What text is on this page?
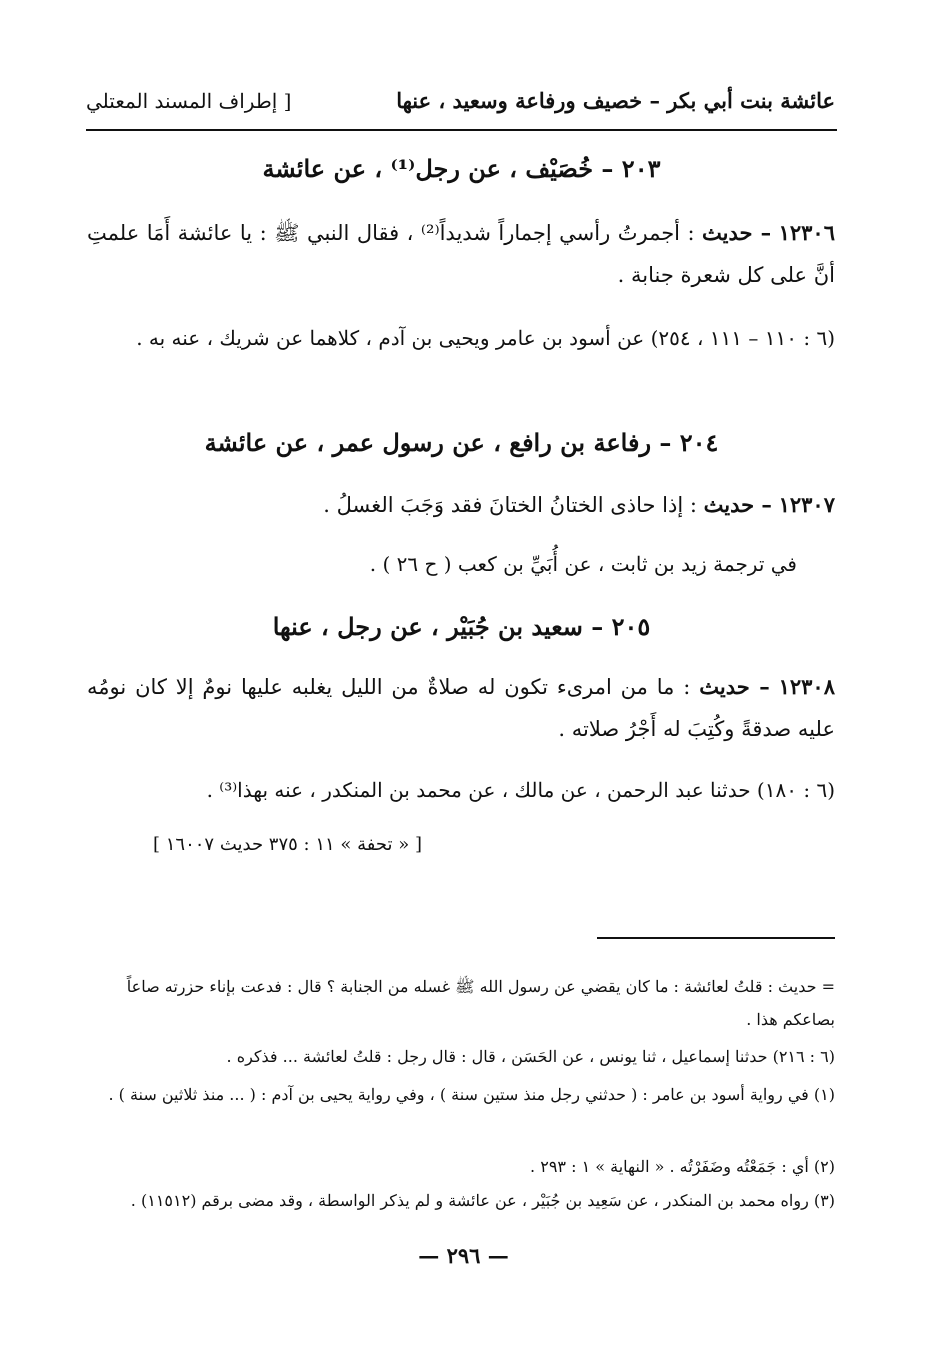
عائشة بنت أبي بكر – خصيف ورفاعة وسعيد ، عنها
[ إطراف المسند المعتلي
٢٠٣ – خُصَيْف ، عن رجل⁽¹⁾ ، عن عائشة
١٢٣٠٦ – حديث : أجمرتُ رأسي إجماراً شديداً⁽²⁾ ، فقال النبي ﷺ : يا عائشة أَمَا علمتِ أنَّ على كل شعرة جنابة .
(٦ : ١١٠ – ١١١ ، ٢٥٤) عن أسود بن عامر ويحيى بن آدم ، كلاهما عن شريك ، عنه به .
٢٠٤ – رفاعة بن رافع ، عن رسول عمر ، عن عائشة
١٢٣٠٧ – حديث : إذا حاذى الختانُ الختانَ فقد وَجَبَ الغسلُ .
في ترجمة زيد بن ثابت ، عن أُبَيِّ بن كعب ( ح ٢٦ ) .
٢٠٥ – سعيد بن جُبَيْر ، عن رجل ، عنها
١٢٣٠٨ – حديث : ما من امرىء تكون له صلاةٌ من الليل يغلبه عليها نومٌ إلا كان نومُه عليه صدقةً وكُتِبَ له أَجْرُ صلاته .
(٦ : ١٨٠) حدثنا عبد الرحمن ، عن مالك ، عن محمد بن المنكدر ، عنه بهذا⁽³⁾ .
[ « تحفة » ١١ : ٣٧٥ حديث ١٦٠٠٧ ]
= حديث : قلتُ لعائشة : ما كان يقضي عن رسول الله ﷺ غسله من الجنابة ؟ قال : فدعت بإناء حزرته صاعاً بصاعكم هذا .
(٦ : ٢١٦) حدثنا إسماعيل ، ثنا يونس ، عن الحَسَن ، قال : قال رجل : قلتُ لعائشة ... فذكره .
(١) في رواية أسود بن عامر : ( حدثني رجل منذ ستين سنة ) ، وفي رواية يحيى بن آدم : ( ... منذ ثلاثين سنة ) .
(٢) أي : جَمَعْتُه وضَفَرْتُه . « النهاية » ١ : ٢٩٣ .
(٣) رواه محمد بن المنكدر ، عن سَعِيد بن جُبَيْر ، عن عائشة و لم يذكر الواسطة ، وقد مضى برقم (١١٥١٢) .
— ٢٩٦ —
